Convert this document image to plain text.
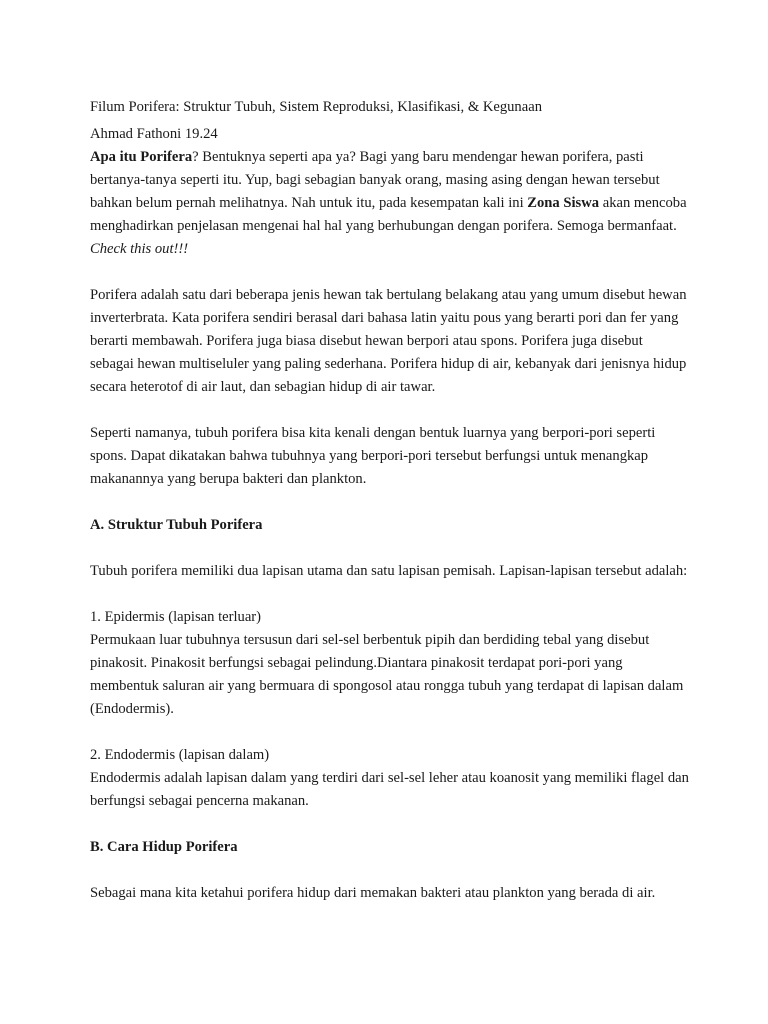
Filum Porifera: Struktur Tubuh, Sistem Reproduksi, Klasifikasi, & Kegunaan

Ahmad Fathoni 19.24

Apa itu Porifera? Bentuknya seperti apa ya? Bagi yang baru mendengar hewan porifera, pasti bertanya-tanya seperti itu. Yup, bagi sebagian banyak orang, masing asing dengan hewan tersebut bahkan belum pernah melihatnya. Nah untuk itu, pada kesempatan kali ini Zona Siswa akan mencoba menghadirkan penjelasan mengenai hal hal yang berhubungan dengan porifera. Semoga bermanfaat. Check this out!!!

Porifera adalah satu dari beberapa jenis hewan tak bertulang belakang atau yang umum disebut hewan inverterbrata. Kata porifera sendiri berasal dari bahasa latin yaitu pous yang berarti pori dan fer yang berarti membawah. Porifera juga biasa disebut hewan berpori atau spons. Porifera juga disebut sebagai hewan multiseluler yang paling sederhana. Porifera hidup di air, kebanyak dari jenisnya hidup secara heterotof di air laut, dan sebagian hidup di air tawar.

Seperti namanya, tubuh porifera bisa kita kenali dengan bentuk luarnya yang berpori-pori seperti spons. Dapat dikatakan bahwa tubuhnya yang berpori-pori tersebut berfungsi untuk menangkap makanannya yang berupa bakteri dan plankton.

A. Struktur Tubuh Porifera

Tubuh porifera memiliki dua lapisan utama dan satu lapisan pemisah. Lapisan-lapisan tersebut adalah:

1. Epidermis (lapisan terluar)

Permukaan luar tubuhnya tersusun dari sel-sel berbentuk pipih dan berdiding tebal yang disebut pinakosit. Pinakosit berfungsi sebagai pelindung.Diantara pinakosit terdapat pori-pori yang membentuk saluran air yang bermuara di spongosol atau rongga tubuh yang terdapat di lapisan dalam (Endodermis).

2. Endodermis (lapisan dalam)

Endodermis adalah lapisan dalam yang terdiri dari sel-sel leher atau koanosit yang memiliki flagel dan berfungsi sebagai pencerna makanan.

B. Cara Hidup Porifera

Sebagai mana kita ketahui porifera hidup dari memakan bakteri atau plankton yang berada di air.
